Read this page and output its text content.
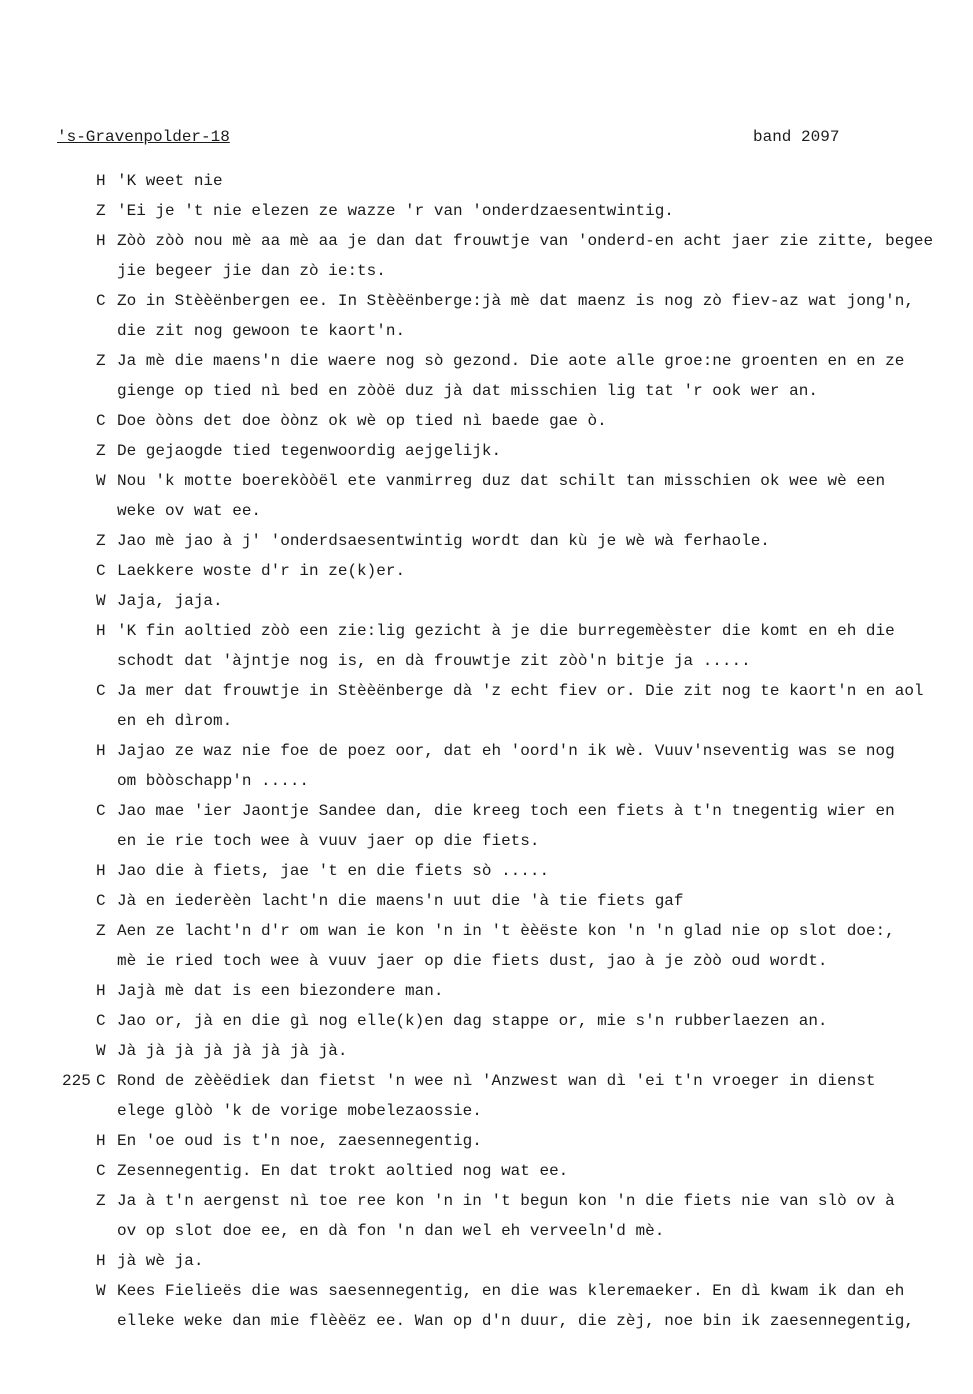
's-Gravenpolder-18	band 2097
H 'K weet nie
Z 'Ei je 't nie elezen ze wazze 'r van 'onderdzaesentwintig.
H Zòò zòò nou mè aa mè aa je dan dat frouwtje van 'onderd-en acht jaer zie zitte, begee
jie begeer jie dan zò ie:ts.
C Zo in Stèèënbergen ee. In Stèèënberge:jà mè dat maenz is nog zò fiev-az wat jong'n,
die zit nog gewoon te kaort'n.
Z Ja mè die maens'n die waere nog sò gezond. Die aote alle groe:ne groenten en en ze
gienge op tied nì bed en zòòë duz jà dat misschien lig tat 'r ook wer an.
C Doe òòns det doe òònz ok wè op tied nì baede gae ò.
Z De gejaogde tied tegenwoordig aejgelijk.
W Nou 'k motte boerekòòël ete vanmirreg duz dat schilt tan misschien ok wee wè een
weke ov wat ee.
Z Jao mè jao à j' 'onderdsaesentwintig wordt dan kù je wè wà ferhaole.
C Laekkere woste d'r in ze(k)er.
W Jaja, jaja.
H 'K fin aoltied zòò een zie:lig gezicht à je die burregemèèster die komt en eh die
schodt dat 'àjntje nog is, en dà frouwtje zit zòò'n bitje ja .....
C Ja mer dat frouwtje in Stèèënberge dà 'z echt fiev or. Die zit nog te kaort'n en aol
en eh dìrom.
H Jajao ze waz nie foe de poez oor, dat eh 'oord'n ik wè. Vuuv'nseventig was se nog
om bòòschapp'n .....
C Jao mae 'ier Jaontje Sandee dan, die kreeg toch een fiets à t'n tnegentig wier en
en ie rie toch wee à vuuv jaer op die fiets.
H Jao die à fiets, jae 't en die fiets sò .....
C Jà en iederèèn lacht'n die maens'n uut die 'à tie fiets gaf
Z Aen ze lacht'n d'r om wan ie kon 'n in 't èèëste kon 'n 'n glad nie op slot doe:,
mè ie ried toch wee à vuuv jaer op die fiets dust, jao à je zòò oud wordt.
H Jajà mè dat is een biezondere man.
C Jao or, jà en die gì nog elle(k)en dag stappe or, mie s'n rubberlaezen an.
W Jà jà jà jà jà jà jà jà.
225 C Rond de zèèëdiek dan fietst 'n wee nì 'Anzwest wan dì 'ei t'n vroeger in dienst
elege glòò 'k de vorige mobelezaossie.
H En 'oe oud is t'n noe, zaesennegentig.
C Zesennegentig. En dat trokt aoltied nog wat ee.
Z Ja à t'n aergenst nì toe ree kon 'n in 't begun kon 'n die fiets nie van slò ov à
ov op slot doe ee, en dà fon 'n dan wel eh verveeln'd mè.
H jà wè ja.
W Kees Fielieës die was saesennegentig, en die was kleremaeker. En dì kwam ik dan eh
elleke weke dan mie flèèëz ee. Wan op d'n duur, die zèj, noe bin ik zaesennegentig,
